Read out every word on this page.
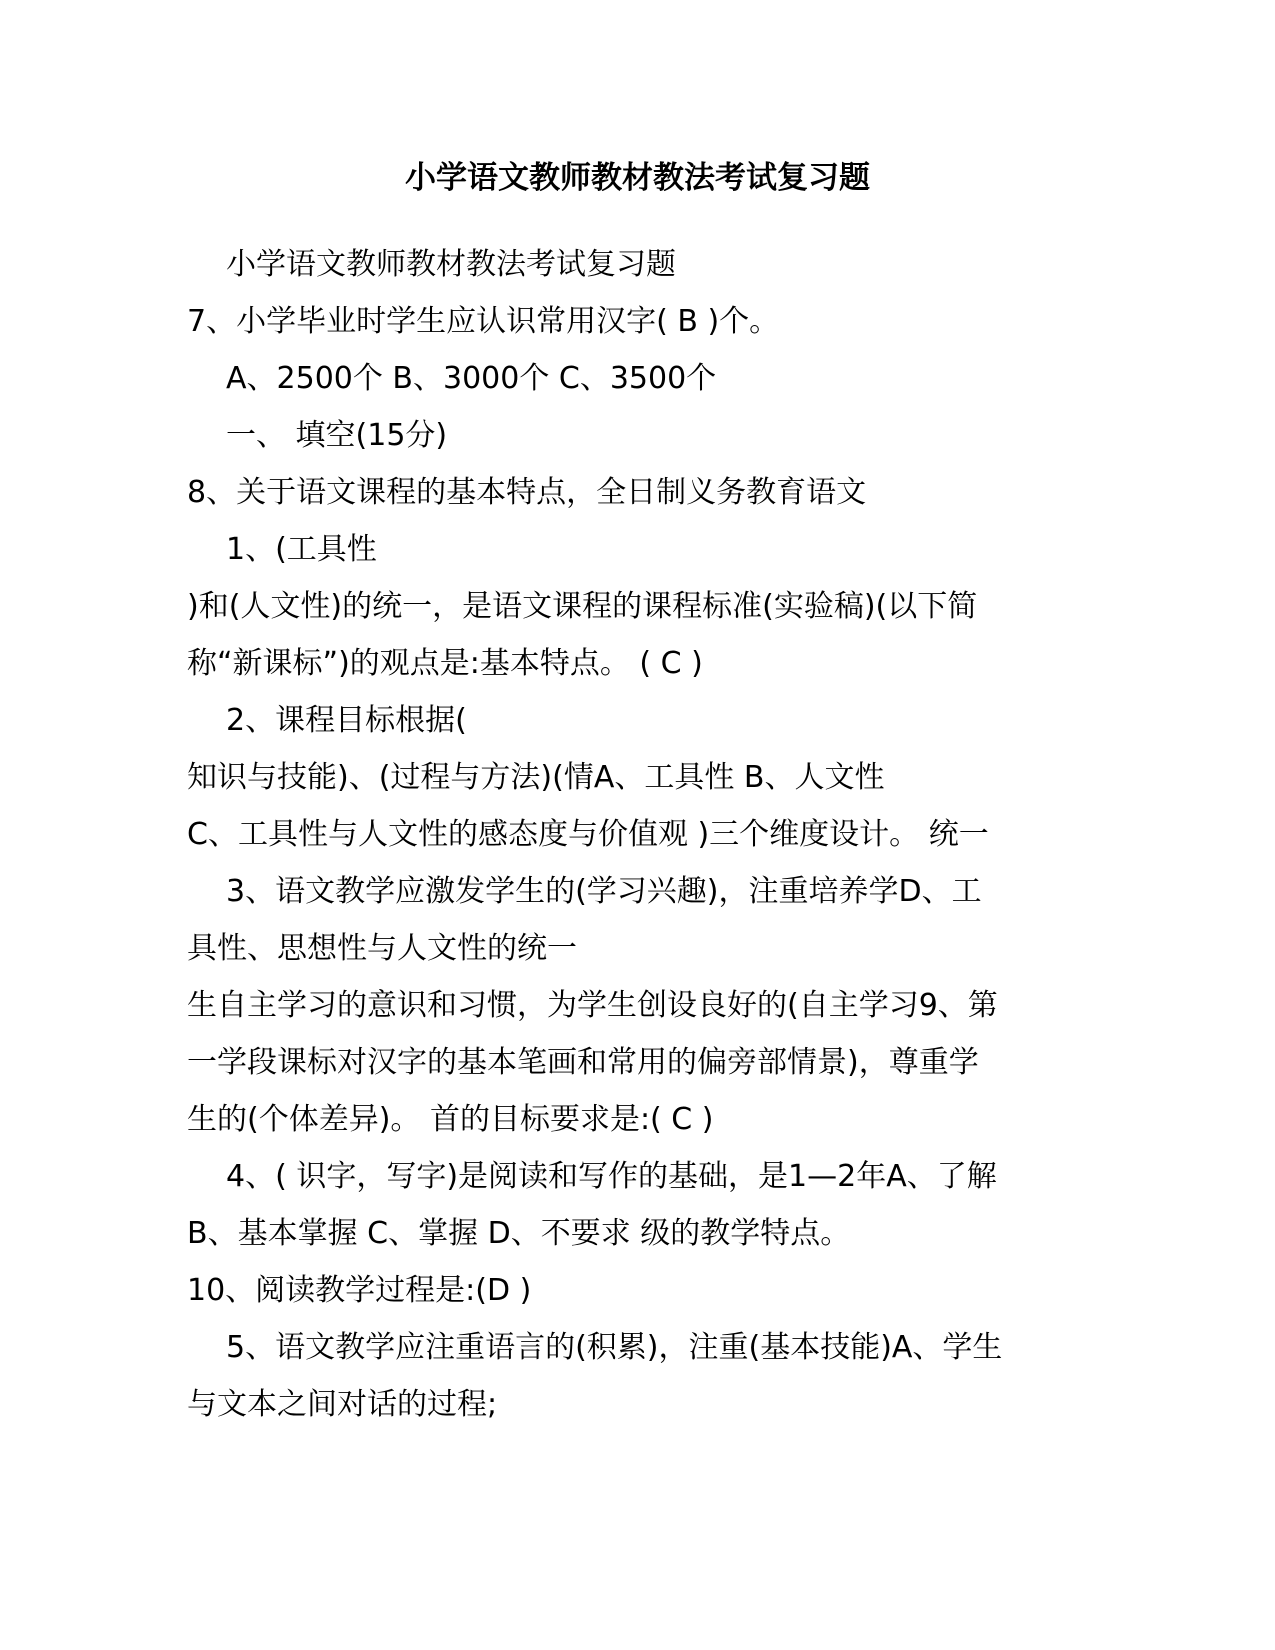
小学语文教师教材教法考试复习题
小学语文教师教材教法考试复习题
7、小学毕业时学生应认识常用汉字( B )个。
A、2500个 B、3000个 C、3500个
一、 填空(15分)
8、关于语文课程的基本特点，全日制义务教育语文
1、(工具性
)和(人文性)的统一，是语文课程的课程标准(实验稿)(以下简
称“新课标”)的观点是:基本特点。 ( C )
2、课程目标根据(
知识与技能)、(过程与方法)(情A、工具性 B、人文性
C、工具性与人文性的感态度与价值观 )三个维度设计。 统一
3、语文教学应激发学生的(学习兴趣)，注重培养学D、工
具性、思想性与人文性的统一
生自主学习的意识和习惯，为学生创设良好的(自主学习9、第
一学段课标对汉字的基本笔画和常用的偏旁部情景)，尊重学
生的(个体差异)。 首的目标要求是:( C )
4、( 识字，写字)是阅读和写作的基础，是1—2年A、了解
B、基本掌握 C、掌握 D、不要求 级的教学特点。
10、阅读教学过程是:(D )
5、语文教学应注重语言的(积累)，注重(基本技能)A、学生
与文本之间对话的过程;
